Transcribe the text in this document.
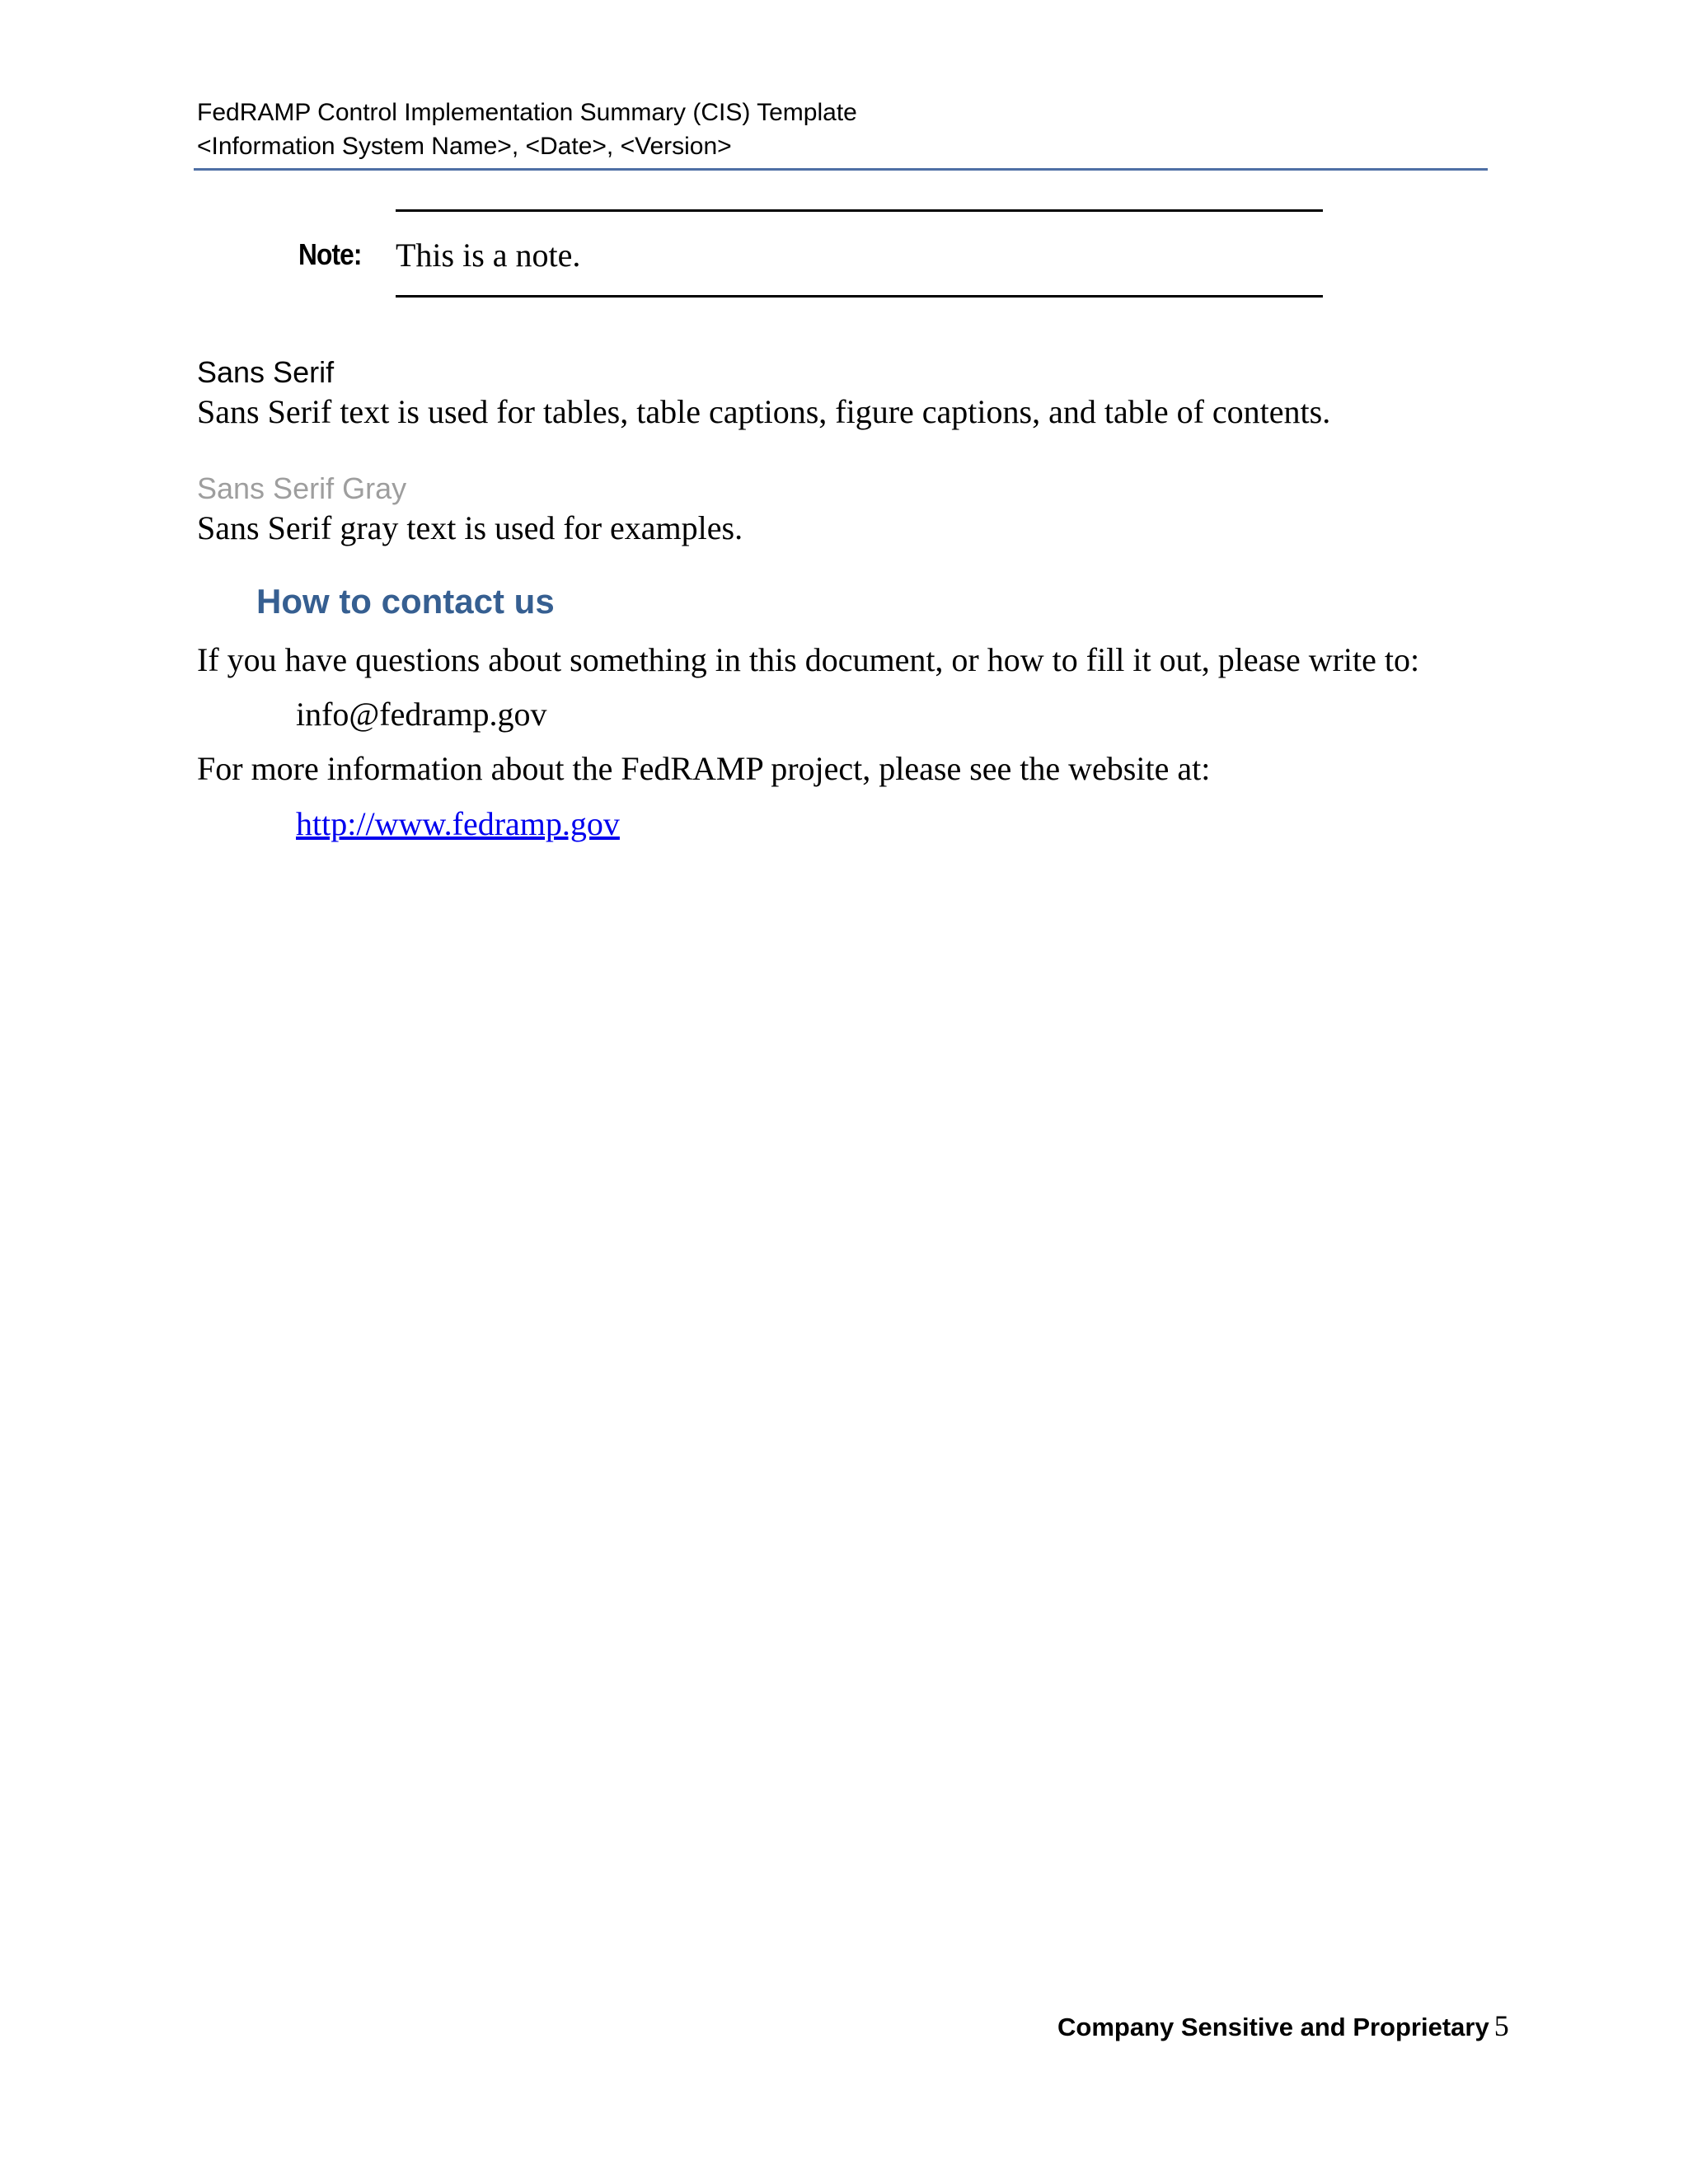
FedRAMP Control Implementation Summary (CIS) Template
<Information System Name>, <Date>, <Version>
Note: This is a note.
Sans Serif
Sans Serif text is used for tables, table captions, figure captions, and table of contents.
Sans Serif Gray
Sans Serif gray text is used for examples.
How to contact us
If you have questions about something in this document, or how to fill it out, please write to:
info@fedramp.gov
For more information about the FedRAMP project, please see the website at:
http://www.fedramp.gov
Company Sensitive and Proprietary 5
